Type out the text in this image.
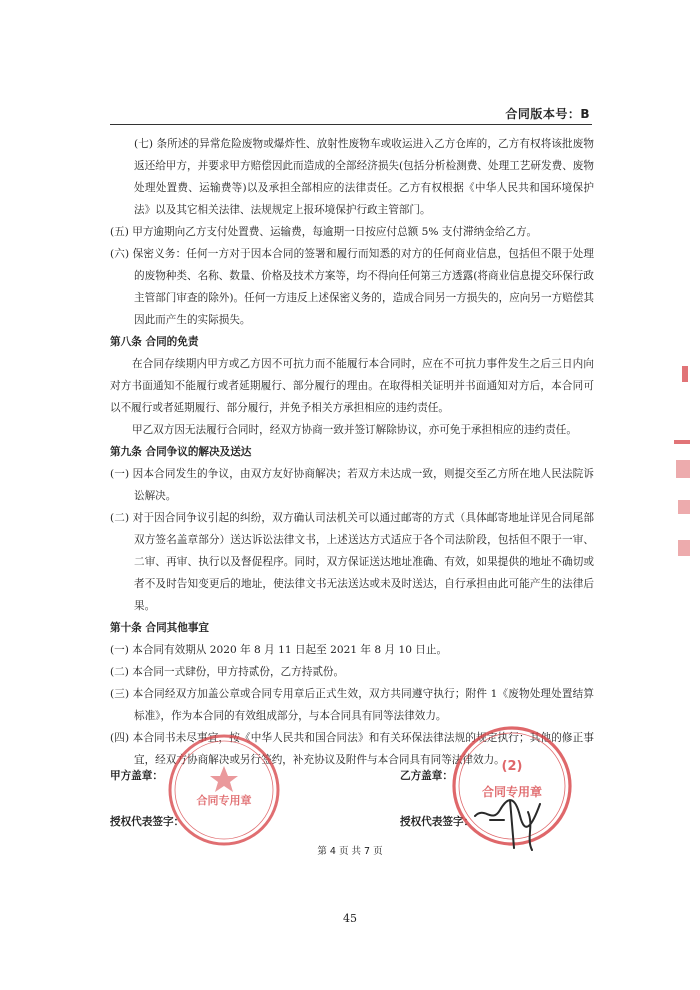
合同版本号：B

(七) 条所述的异常危险废物或爆炸性、放射性废物车或收运进入乙方仓库的，乙方有权将该批废物返还给甲方，并要求甲方赔偿因此而造成的全部经济损失(包括分析检测费、处理工艺研发费、废物处理处置费、运输费等)以及承担全部相应的法律责任。乙方有权根据《中华人民共和国环境保护法》以及其它相关法律、法规规定上报环境保护行政主管部门。

(五) 甲方逾期向乙方支付处置费、运输费，每逾期一日按应付总额 5% 支付滞纳金给乙方。

(六) 保密义务：任何一方对于因本合同的签署和履行而知悉的对方的任何商业信息，包括但不限于处理的废物种类、名称、数量、价格及技术方案等，均不得向任何第三方透露(将商业信息提交环保行政主管部门审查的除外)。任何一方违反上述保密义务的，造成合同另一方损失的，应向另一方赔偿其因此而产生的实际损失。

第八条 合同的免责

在合同存续期内甲方或乙方因不可抗力而不能履行本合同时，应在不可抗力事件发生之后三日内向对方书面通知不能履行或者延期履行、部分履行的理由。在取得相关证明并书面通知对方后，本合同可以不履行或者延期履行、部分履行，并免予相关方承担相应的违约责任。

甲乙双方因无法履行合同时，经双方协商一致并签订解除协议，亦可免于承担相应的违约责任。

第九条 合同争议的解决及送达

(一) 因本合同发生的争议，由双方友好协商解决；若双方未达成一致，则提交至乙方所在地人民法院诉讼解决。

(二) 对于因合同争议引起的纠纷，双方确认司法机关可以通过邮寄的方式（具体邮寄地址详见合同尾部双方签名盖章部分）送达诉讼法律文书，上述送达方式适应于各个司法阶段，包括但不限于一审、二审、再审、执行以及督促程序。同时，双方保证送达地址准确、有效，如果提供的地址不确切或者不及时告知变更后的地址，使法律文书无法送达或未及时送达，自行承担由此可能产生的法律后果。

第十条 合同其他事宜

(一) 本合同有效期从 2020 年 8 月 11 日起至 2021 年 8 月 10 日止。

(二) 本合同一式肆份，甲方持贰份，乙方持贰份。

(三) 本合同经双方加盖公章或合同专用章后正式生效，双方共同遵守执行；附件 1《废物处理处置结算标准》，作为本合同的有效组成部分，与本合同具有同等法律效力。

(四) 本合同书未尽事宜，按《中华人民共和国合同法》和有关环保法律法规的规定执行；其他的修正事宜，经双方协商解决或另行签约，补充协议及附件与本合同具有同等法律效力。

甲方盖章：	乙方盖章：
授权代表签字：	授权代表签字：
合同专用章
(2)
合同专用章
第 4 页 共 7 页
45
